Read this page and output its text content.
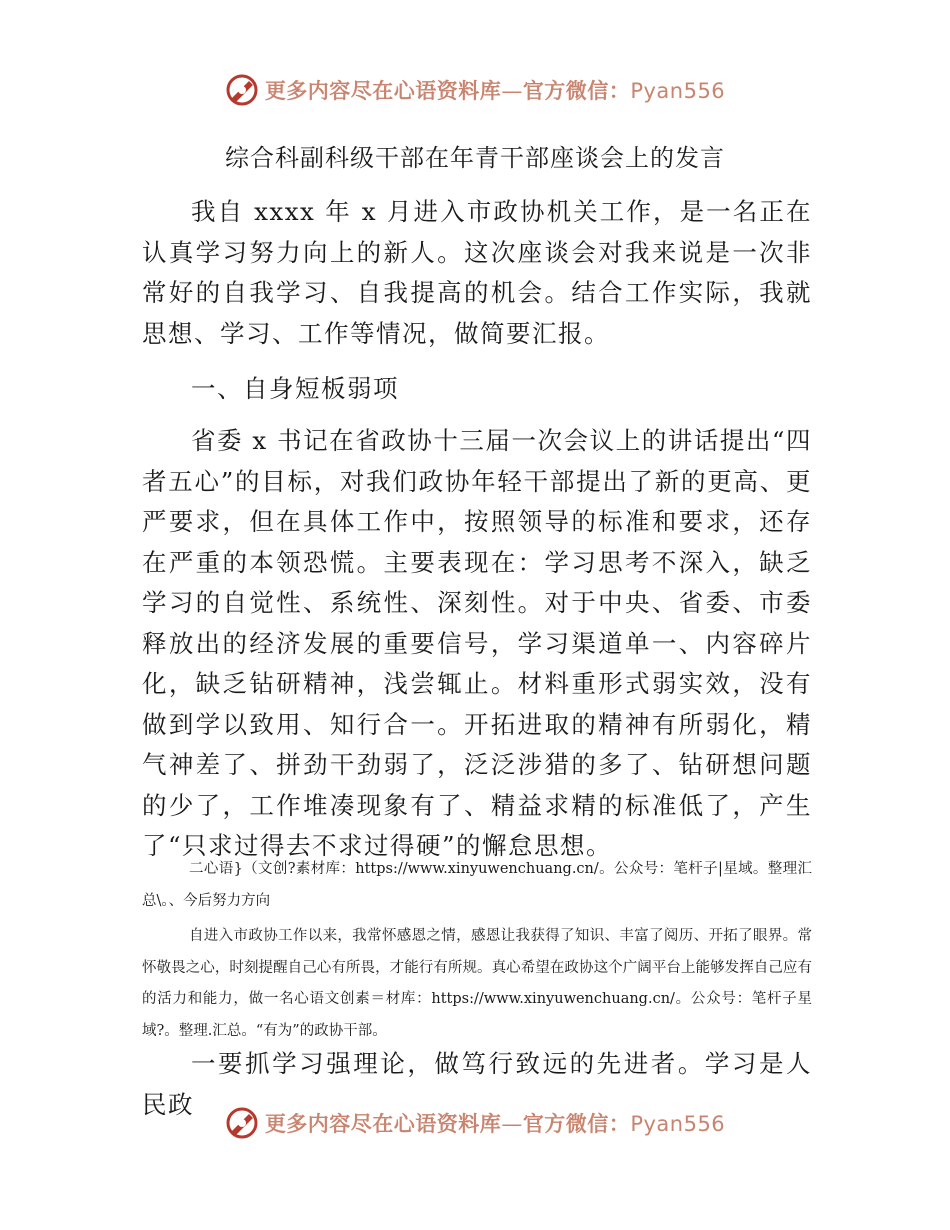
更多内容尽在心语资料库—官方微信：Pyan556
综合科副科级干部在年青干部座谈会上的发言

我自 xxxx 年 x 月进入市政协机关工作，是一名正在认真学习努力向上的新人。这次座谈会对我来说是一次非常好的自我学习、自我提高的机会。结合工作实际，我就思想、学习、工作等情况，做简要汇报。

一、自身短板弱项

省委 x 书记在省政协十三届一次会议上的讲话提出“四者五心”的目标，对我们政协年轻干部提出了新的更高、更严要求，但在具体工作中，按照领导的标准和要求，还存在严重的本领恐慌。主要表现在：学习思考不深入，缺乏学习的自觉性、系统性、深刻性。对于中央、省委、市委释放出的经济发展的重要信号，学习渠道单一、内容碎片化，缺乏钻研精神，浅尝辄止。材料重形式弱实效，没有做到学以致用、知行合一。开拓进取的精神有所弱化，精气神差了、拼劲干劲弱了，泛泛涉猎的多了、钻研想问题的少了，工作堆凑现象有了、精益求精的标准低了，产生了“只求过得去不求过得硬”的懈怠思想。

二心语}（文创?素材库：https://www.xinyuwenchuang.cn/。公众号：笔杆子|星域。整理汇总\。、今后努力方向

自进入市政协工作以来，我常怀感恩之情，感恩让我获得了知识、丰富了阅历、开拓了眼界。常怀敬畏之心，时刻提醒自己心有所畏，才能行有所规。真心希望在政协这个广阔平台上能够发挥自己应有的活力和能力，做一名心语文创素＝材库：https://www.xinyuwenchuang.cn/。公众号：笔杆子星域?。整理.汇总。“有为”的政协干部。

一要抓学习强理论，做笃行致远的先进者。学习是人民政

更多内容尽在心语资料库—官方微信：Pyan556
